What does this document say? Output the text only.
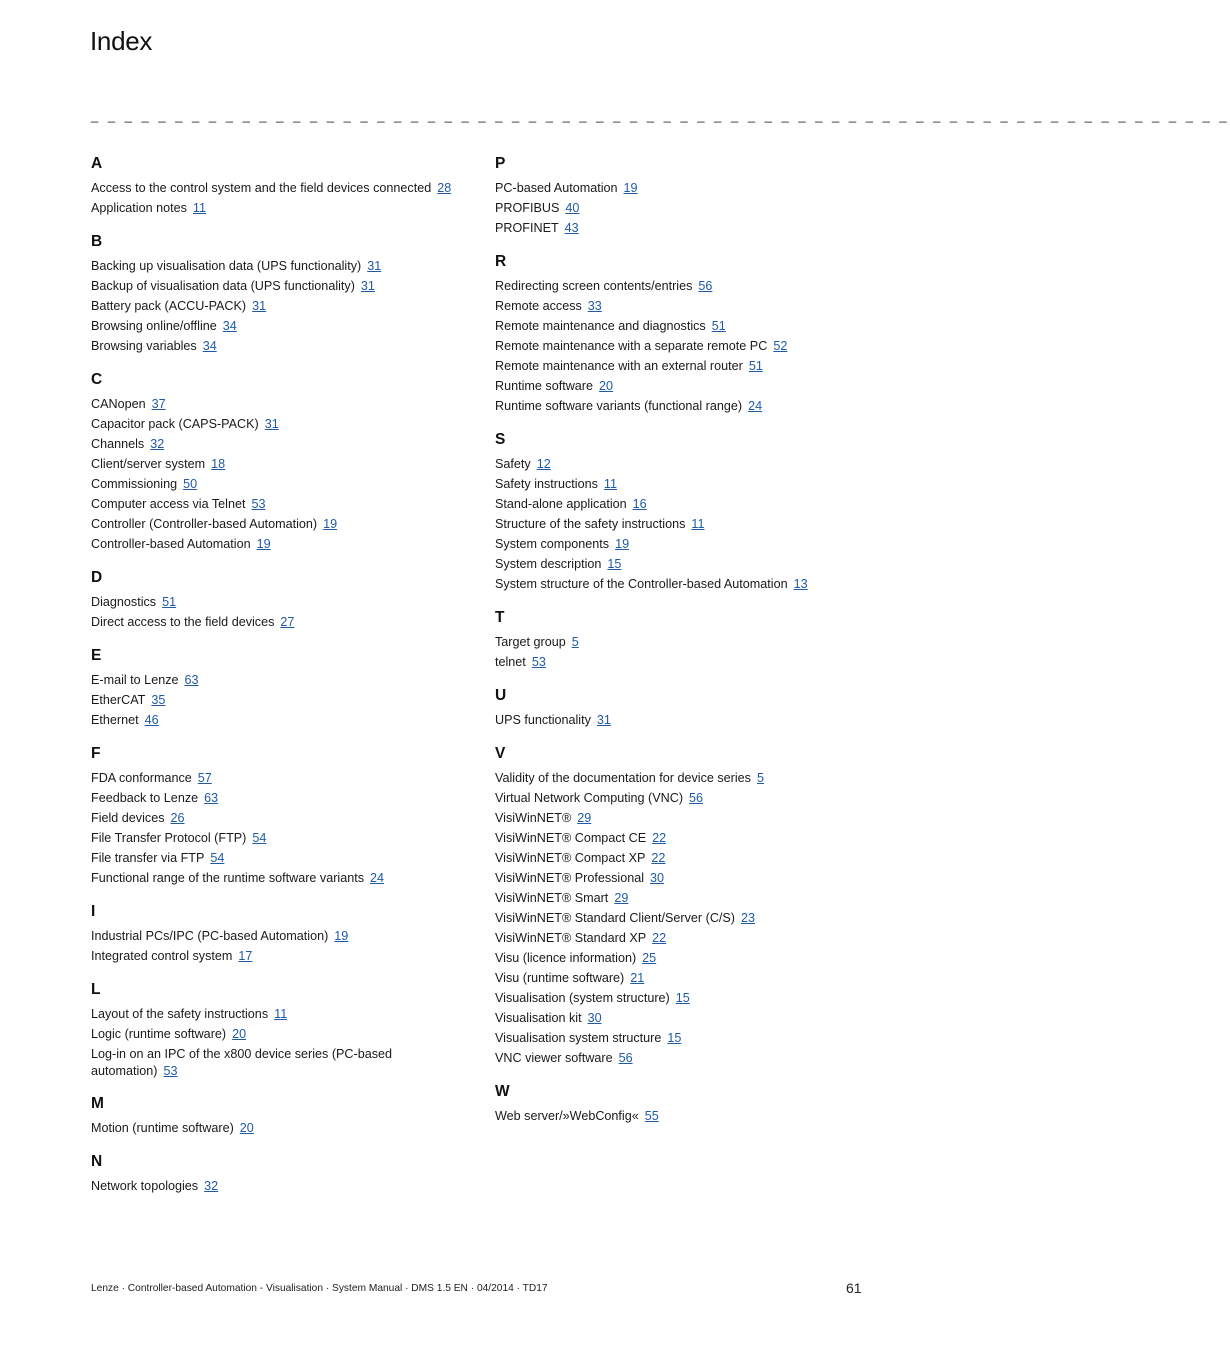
Index
_ _ _ _ _ _ _ _ _ _ _ _ _ _ _ _ _ _ _ _ _ _ _ _ _ _ _ _ _ _ _ _ _ _ _ _ _ _ _ _ _ _ _ _ _ _ _ _ _ _ _ _ _ _ _ _ _ _ _ _ _ _ _ _ _ _ _ _
A
Access to the control system and the field devices connected 28
Application notes 11
B
Backing up visualisation data (UPS functionality) 31
Backup of visualisation data (UPS functionality) 31
Battery pack (ACCU-PACK) 31
Browsing online/offline 34
Browsing variables 34
C
CANopen 37
Capacitor pack (CAPS-PACK) 31
Channels 32
Client/server system 18
Commissioning 50
Computer access via Telnet 53
Controller (Controller-based Automation) 19
Controller-based Automation 19
D
Diagnostics 51
Direct access to the field devices 27
E
E-mail to Lenze 63
EtherCAT 35
Ethernet 46
F
FDA conformance 57
Feedback to Lenze 63
Field devices 26
File Transfer Protocol (FTP) 54
File transfer via FTP 54
Functional range of the runtime software variants 24
I
Industrial PCs/IPC (PC-based Automation) 19
Integrated control system 17
L
Layout of the safety instructions 11
Logic (runtime software) 20
Log-in on an IPC of the x800 device series (PC-based automation) 53
M
Motion (runtime software) 20
N
Network topologies 32
P
PC-based Automation 19
PROFIBUS 40
PROFINET 43
R
Redirecting screen contents/entries 56
Remote access 33
Remote maintenance and diagnostics 51
Remote maintenance with a separate remote PC 52
Remote maintenance with an external router 51
Runtime software 20
Runtime software variants (functional range) 24
S
Safety 12
Safety instructions 11
Stand-alone application 16
Structure of the safety instructions 11
System components 19
System description 15
System structure of the Controller-based Automation 13
T
Target group 5
telnet 53
U
UPS functionality 31
V
Validity of the documentation for device series 5
Virtual Network Computing (VNC) 56
VisiWinNET® 29
VisiWinNET® Compact CE 22
VisiWinNET® Compact XP 22
VisiWinNET® Professional 30
VisiWinNET® Smart 29
VisiWinNET® Standard Client/Server (C/S) 23
VisiWinNET® Standard XP 22
Visu (licence information) 25
Visu (runtime software) 21
Visualisation (system structure) 15
Visualisation kit 30
Visualisation system structure 15
VNC viewer software 56
W
Web server/»WebConfig« 55
Lenze · Controller-based Automation - Visualisation · System Manual · DMS 1.5 EN · 04/2014 · TD17	61
